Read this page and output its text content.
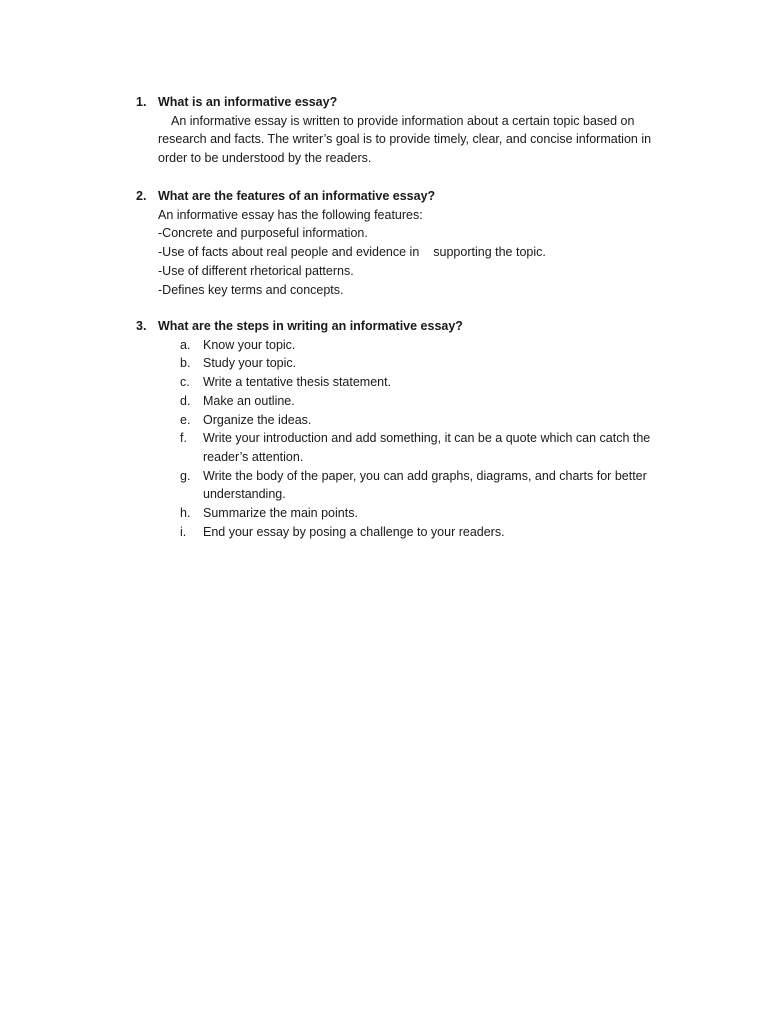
1. What is an informative essay?

An informative essay is written to provide information about a certain topic based on research and facts. The writer’s goal is to provide timely, clear, and concise information in order to be understood by the readers.

2. What are the features of an informative essay?

An informative essay has the following features:

-Concrete and purposeful information.

-Use of facts about real people and evidence in supporting the topic.

-Use of different rhetorical patterns.

-Defines key terms and concepts.

3. What are the steps in writing an informative essay?
a. Know your topic.
b. Study your topic.
c. Write a tentative thesis statement.
d. Make an outline.
e. Organize the ideas.
f. Write your introduction and add something, it can be a quote which can catch the reader’s attention.
g. Write the body of the paper, you can add graphs, diagrams, and charts for better understanding.
h. Summarize the main points.
i. End your essay by posing a challenge to your readers.
